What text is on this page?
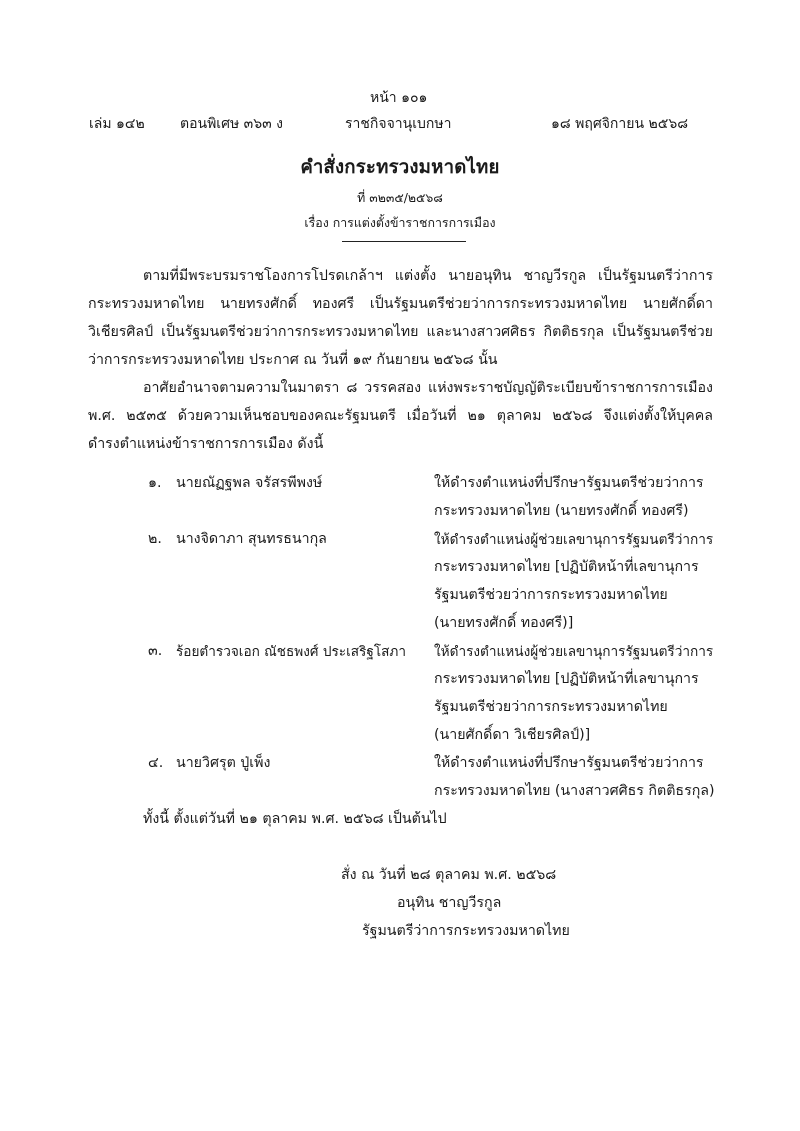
หน้า ๑๐๑
เล่ม ๑๔๒	ตอนพิเศษ ๓๖๓ ง	ราชกิจจานุเบกษา	๑๘ พฤศจิกายน ๒๕๖๘
คำสั่งกระทรวงมหาดไทย
ที่ ๓๒๓๕/๒๕๖๘
เรื่อง การแต่งตั้งข้าราชการการเมือง
ตามที่มีพระบรมราชโองการโปรดเกล้าฯ แต่งตั้ง นายอนุทิน ชาญวีรกูล เป็นรัฐมนตรีว่าการ
กระทรวงมหาดไทย นายทรงศักดิ์ ทองศรี เป็นรัฐมนตรีช่วยว่าการกระทรวงมหาดไทย นายศักดิ์ดา
วิเชียรศิลป์ เป็นรัฐมนตรีช่วยว่าการกระทรวงมหาดไทย และนางสาวศศิธร กิตติธรกุล เป็นรัฐมนตรีช่วย
ว่าการกระทรวงมหาดไทย ประกาศ ณ วันที่ ๑๙ กันยายน ๒๕๖๘ นั้น
อาศัยอำนาจตามความในมาตรา ๘ วรรคสอง แห่งพระราชบัญญัติระเบียบข้าราชการการเมือง
พ.ศ. ๒๕๓๕ ด้วยความเห็นชอบของคณะรัฐมนตรี เมื่อวันที่ ๒๑ ตุลาคม ๒๕๖๘ จึงแต่งตั้งให้บุคคล
ดำรงตำแหน่งข้าราชการการเมือง ดังนี้
๑. นายณัฏฐพล จรัสรพีพงษ์	ให้ดำรงตำแหน่งที่ปรึกษารัฐมนตรีช่วยว่าการ
กระทรวงมหาดไทย (นายทรงศักดิ์ ทองศรี)
๒. นางจิดาภา สุนทรธนากุล	ให้ดำรงตำแหน่งผู้ช่วยเลขานุการรัฐมนตรีว่าการ
กระทรวงมหาดไทย [ปฏิบัติหน้าที่เลขานุการ
รัฐมนตรีช่วยว่าการกระทรวงมหาดไทย
(นายทรงศักดิ์ ทองศรี)]
๓. ร้อยตำรวจเอก ณัชธพงศ์ ประเสริฐโสภา ให้ดำรงตำแหน่งผู้ช่วยเลขานุการรัฐมนตรีว่าการ
กระทรวงมหาดไทย [ปฏิบัติหน้าที่เลขานุการ
รัฐมนตรีช่วยว่าการกระทรวงมหาดไทย
(นายศักดิ์ดา วิเชียรศิลป์)]
๔. นายวิศรุต ปู่เพ็ง	ให้ดำรงตำแหน่งที่ปรึกษารัฐมนตรีช่วยว่าการ
กระทรวงมหาดไทย (นางสาวศศิธร กิตติธรกุล)
ทั้งนี้ ตั้งแต่วันที่ ๒๑ ตุลาคม พ.ศ. ๒๕๖๘ เป็นต้นไป
สั่ง ณ วันที่ ๒๘ ตุลาคม พ.ศ. ๒๕๖๘
อนุทิน ชาญวีรกูล
รัฐมนตรีว่าการกระทรวงมหาดไทย
